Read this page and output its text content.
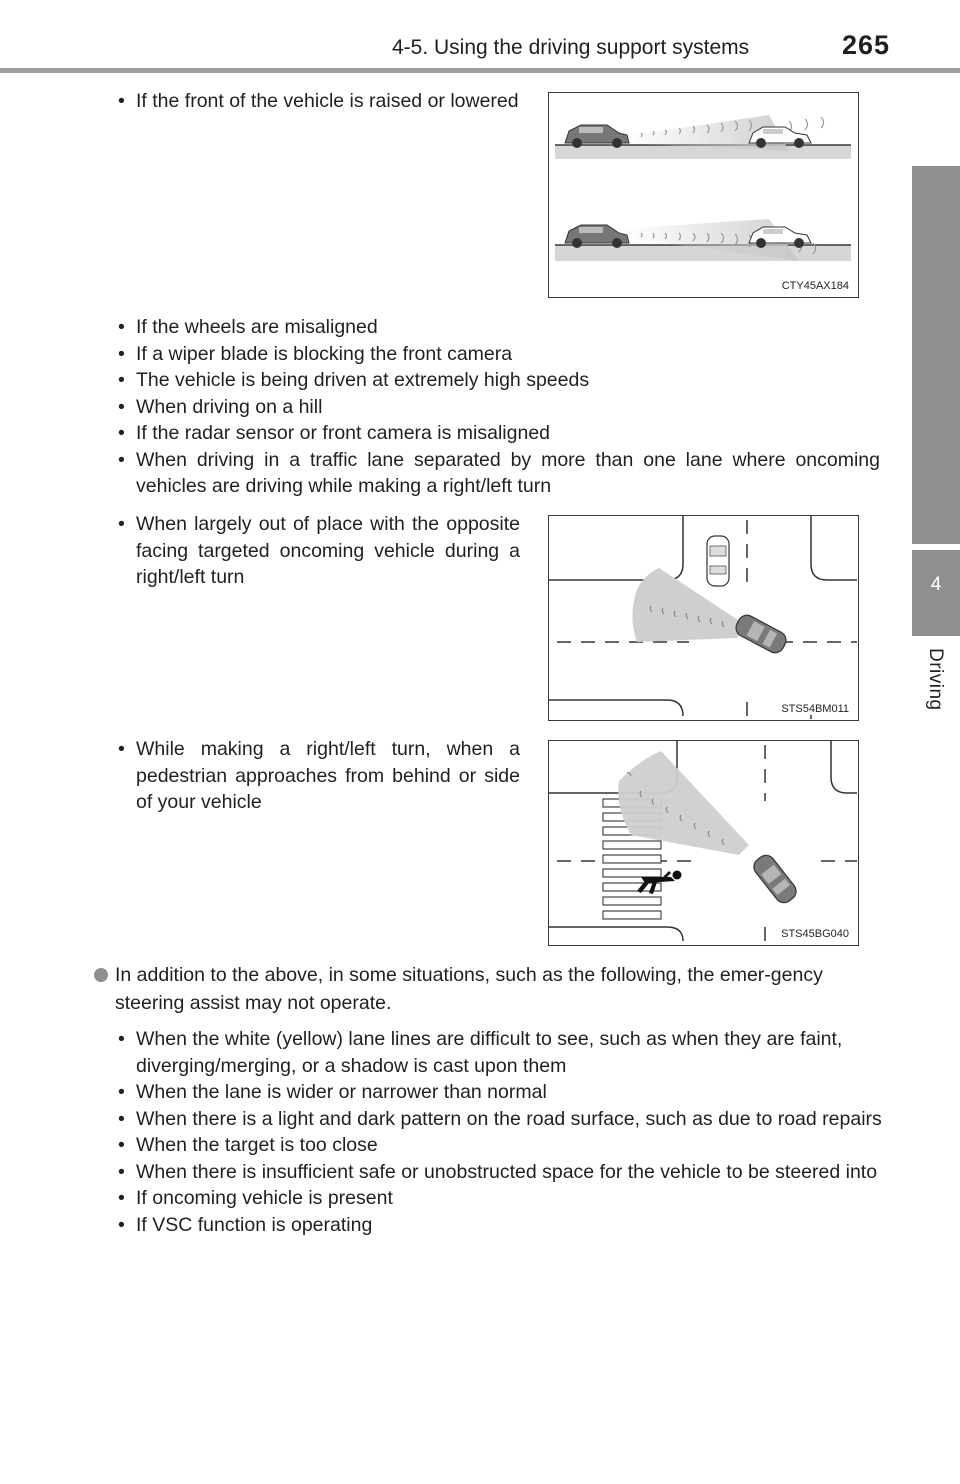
4-5. Using the driving support systems	265
4
Driving
• If the front of the vehicle is raised or lowered
CTY45AX184
• If the wheels are misaligned
• If a wiper blade is blocking the front camera
• The vehicle is being driven at extremely high speeds
• When driving on a hill
• If the radar sensor or front camera is misaligned
• When driving in a traffic lane separated by more than one lane where oncoming vehicles are driving while making a right/left turn
• When largely out of place with the opposite facing targeted oncoming vehicle during a right/left turn
STS54BM011
• While making a right/left turn, when a pedestrian approaches from behind or side of your vehicle
STS45BG040
In addition to the above, in some situations, such as the following, the emer-gency steering assist may not operate.
• When the white (yellow) lane lines are difficult to see, such as when they are faint, diverging/merging, or a shadow is cast upon them
• When the lane is wider or narrower than normal
• When there is a light and dark pattern on the road surface, such as due to road repairs
• When the target is too close
• When there is insufficient safe or unobstructed space for the vehicle to be steered into
• If oncoming vehicle is present
• If VSC function is operating
